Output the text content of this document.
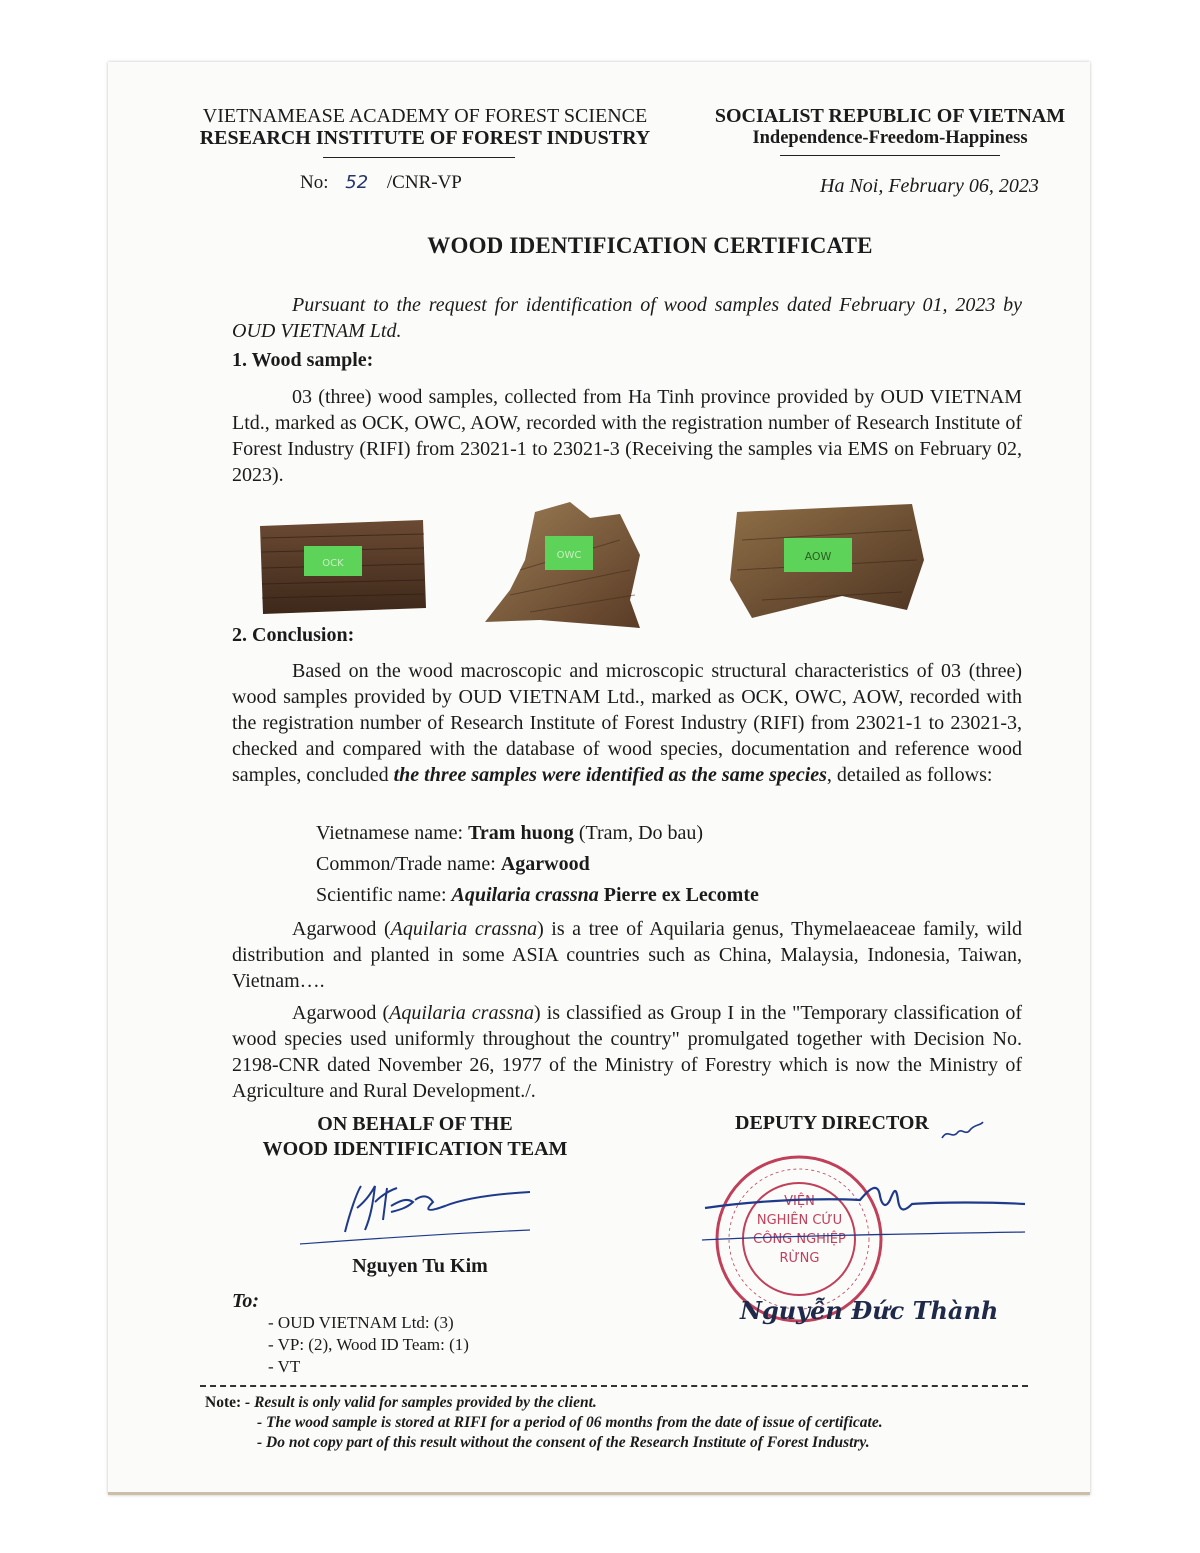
VIETNAMEASE ACADEMY OF FOREST SCIENCE
RESEARCH INSTITUTE OF FOREST INDUSTRY
SOCIALIST REPUBLIC OF VIETNAM
Independence-Freedom-Happiness
No: 52 /CNR-VP	Ha Noi, February 06, 2023
WOOD IDENTIFICATION CERTIFICATE
Pursuant to the request for identification of wood samples dated February 01, 2023 by OUD VIETNAM Ltd.
1. Wood sample:
03 (three) wood samples, collected from Ha Tinh province provided by OUD VIETNAM Ltd., marked as OCK, OWC, AOW, recorded with the registration number of Research Institute of Forest Industry (RIFI) from 23021-1 to 23021-3 (Receiving the samples via EMS on February 02, 2023).
OCK
OWC	AOW
2. Conclusion:
Based on the wood macroscopic and microscopic structural characteristics of 03 (three) wood samples provided by OUD VIETNAM Ltd., marked as OCK, OWC, AOW, recorded with the registration number of Research Institute of Forest Industry (RIFI) from 23021-1 to 23021-3, checked and compared with the database of wood species, documentation and reference wood samples, concluded the three samples were identified as the same species, detailed as follows:
Vietnamese name: Tram huong (Tram, Do bau)
Common/Trade name: Agarwood
Scientific name: Aquilaria crassna Pierre ex Lecomte
Agarwood (Aquilaria crassna) is a tree of Aquilaria genus, Thymelaeaceae family, wild distribution and planted in some ASIA countries such as China, Malaysia, Indonesia, Taiwan, Vietnam….
Agarwood (Aquilaria crassna) is classified as Group I in the "Temporary classification of wood species used uniformly throughout the country" promulgated together with Decision No. 2198-CNR dated November 26, 1977 of the Ministry of Forestry which is now the Ministry of Agriculture and Rural Development./.
ON BEHALF OF THE
WOOD IDENTIFICATION TEAM
DEPUTY DIRECTOR
Nguyen Tu Kim
VIỆN
NGHIÊN CỨU
CÔNG NGHIỆP
RỪNG
Nguyễn Đức Thành
To:
- OUD VIETNAM Ltd: (3)
- VP: (2), Wood ID Team: (1)
- VT
Note: - Result is only valid for samples provided by the client.
- The wood sample is stored at RIFI for a period of 06 months from the date of issue of certificate.
- Do not copy part of this result without the consent of the Research Institute of Forest Industry.
